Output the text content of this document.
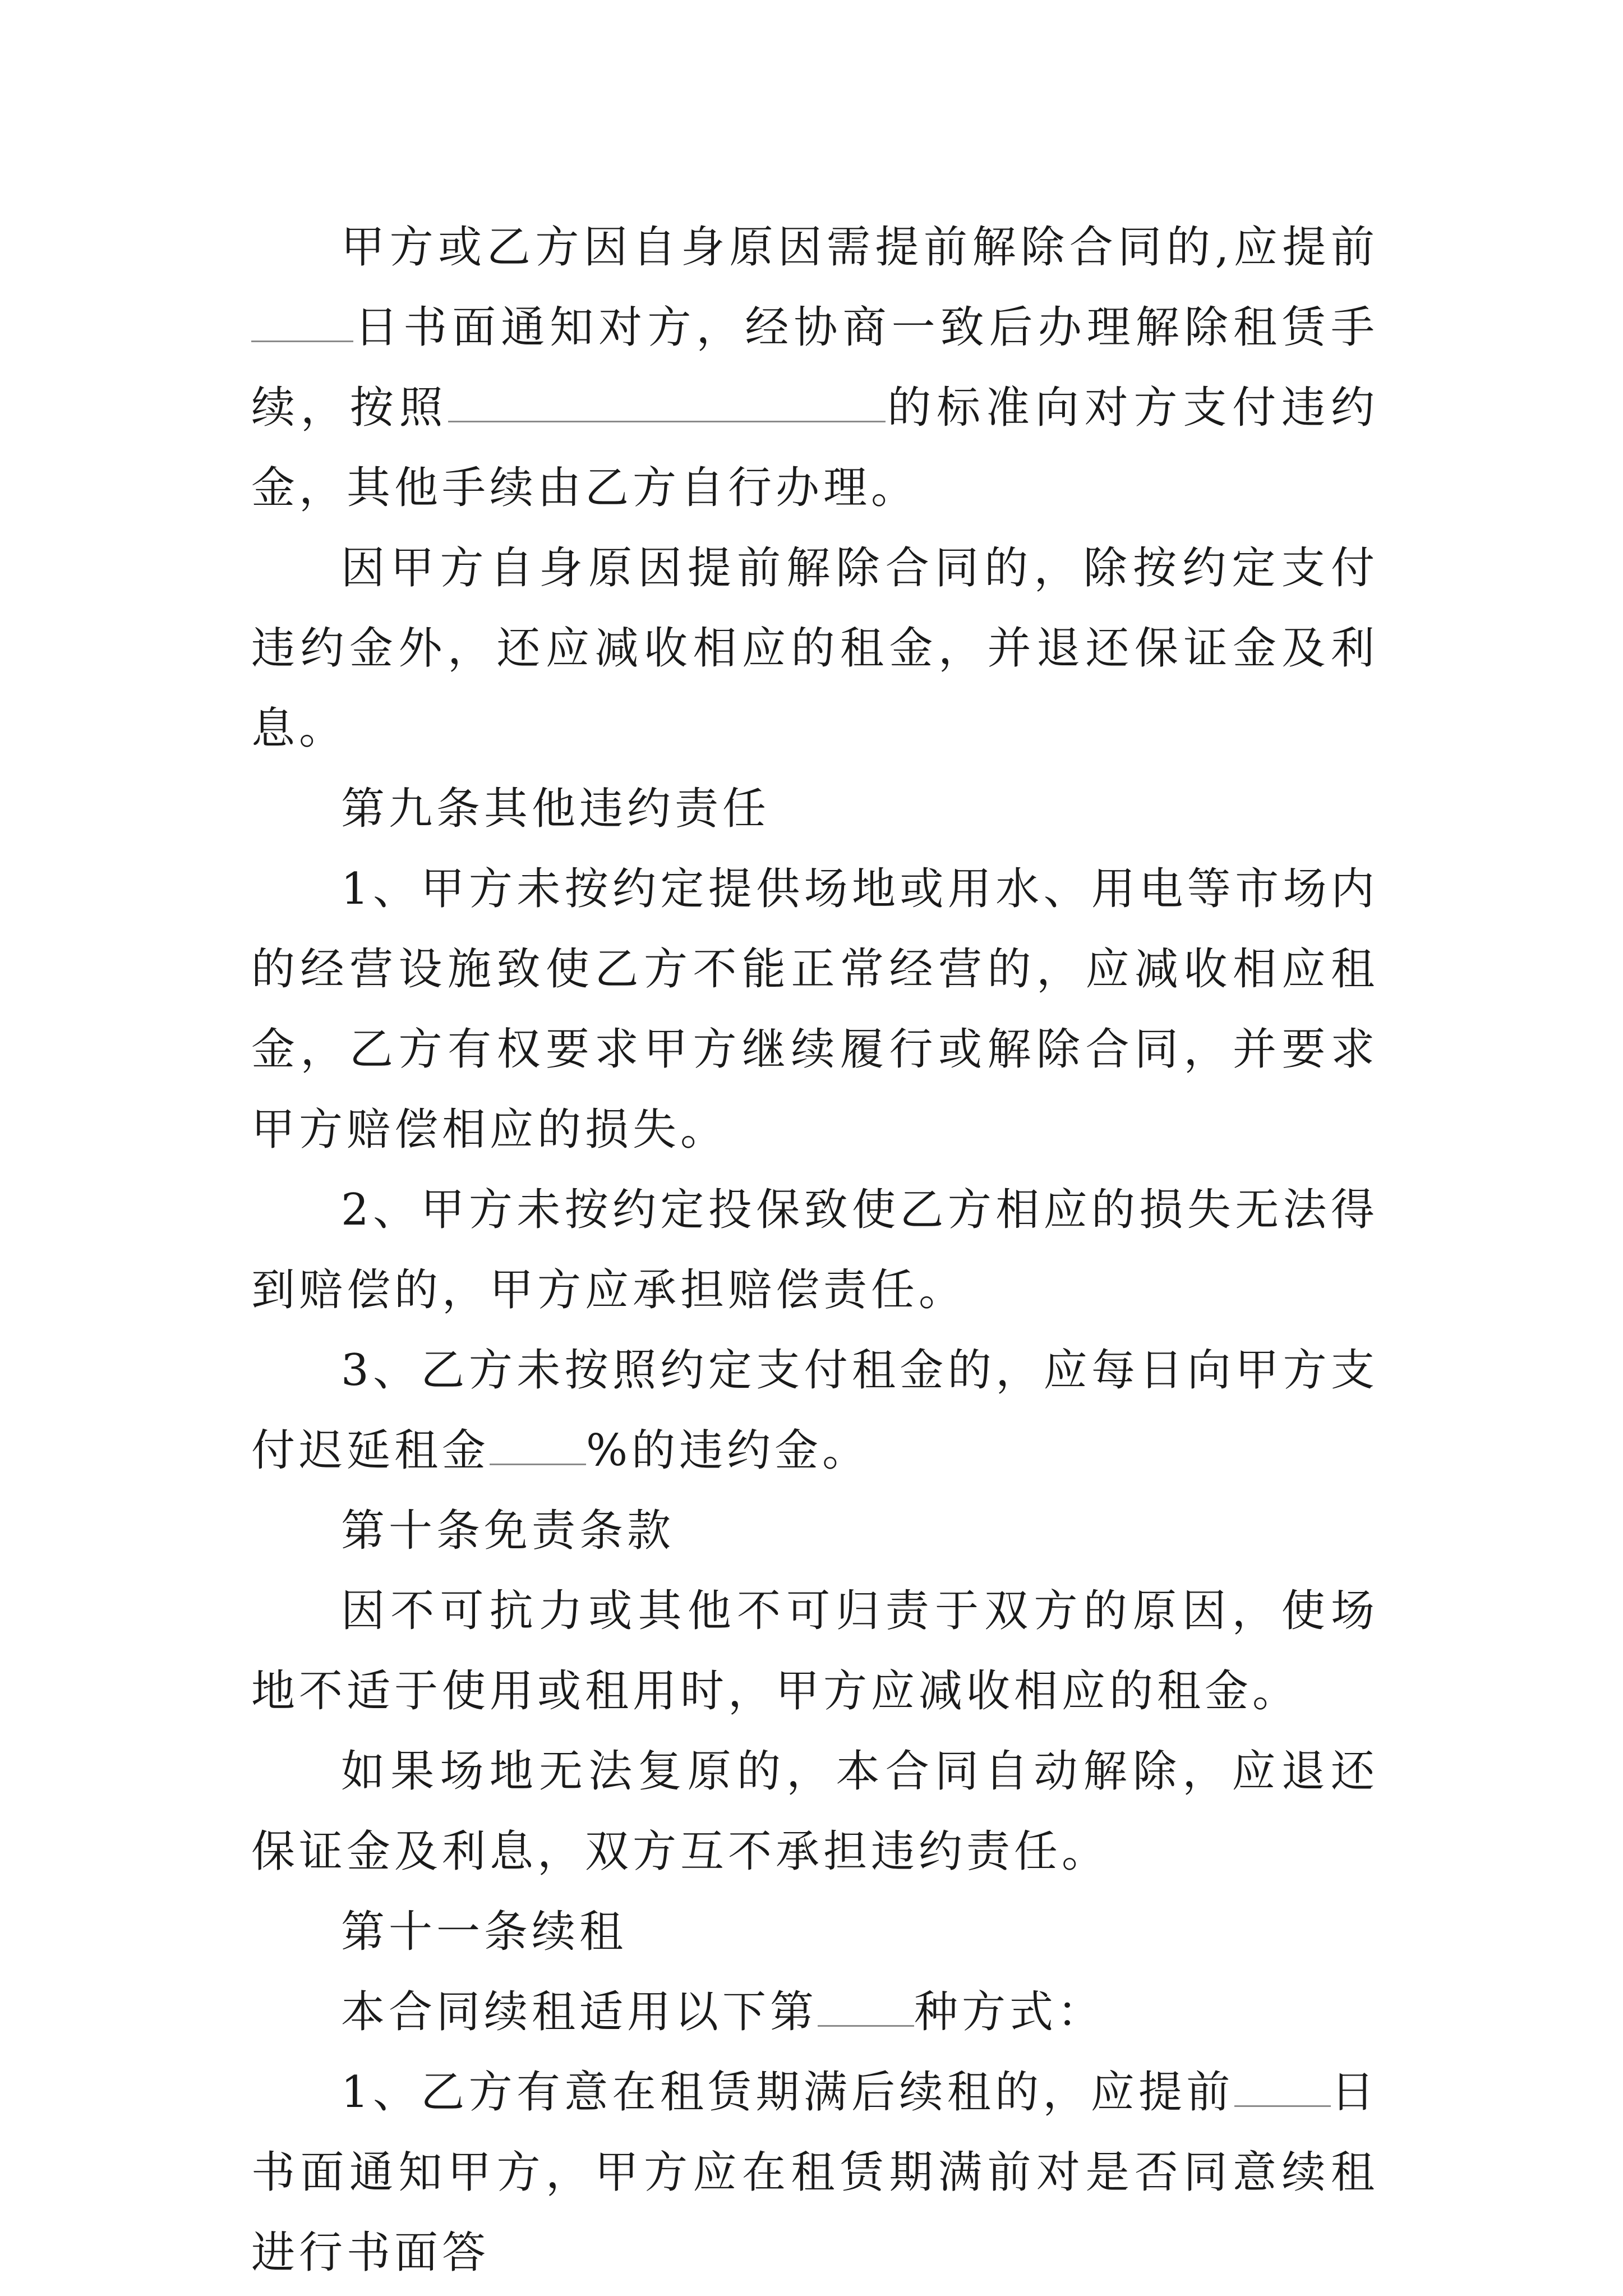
甲方或乙方因自身原因需提前解除合同的,应提前日书面通知对方，经协商一致后办理解除租赁手续，按照	的标准向对方支付违约金，其他手续由乙方自行办理。

因甲方自身原因提前解除合同的，除按约定支付违约金外，还应减收相应的租金，并退还保证金及利息。

第九条其他违约责任

1、甲方未按约定提供场地或用水、用电等市场内的经营设施致使乙方不能正常经营的，应减收相应租金，乙方有权要求甲方继续履行或解除合同，并要求甲方赔偿相应的损失。

2、甲方未按约定投保致使乙方相应的损失无法得到赔偿的，甲方应承担赔偿责任。

3、乙方未按照约定支付租金的，应每日向甲方支付迟延租金 %的违约金。

第十条免责条款

因不可抗力或其他不可归责于双方的原因，使场地不适于使用或租用时，甲方应减收相应的租金。

如果场地无法复原的，本合同自动解除，应退还保证金及利息，双方互不承担违约责任。

第十一条续租

本合同续租适用以下第 种方式：

1、乙方有意在租赁期满后续租的，应提前 日书面通知甲方，甲方应在租赁期满前对是否同意续租进行书面答
